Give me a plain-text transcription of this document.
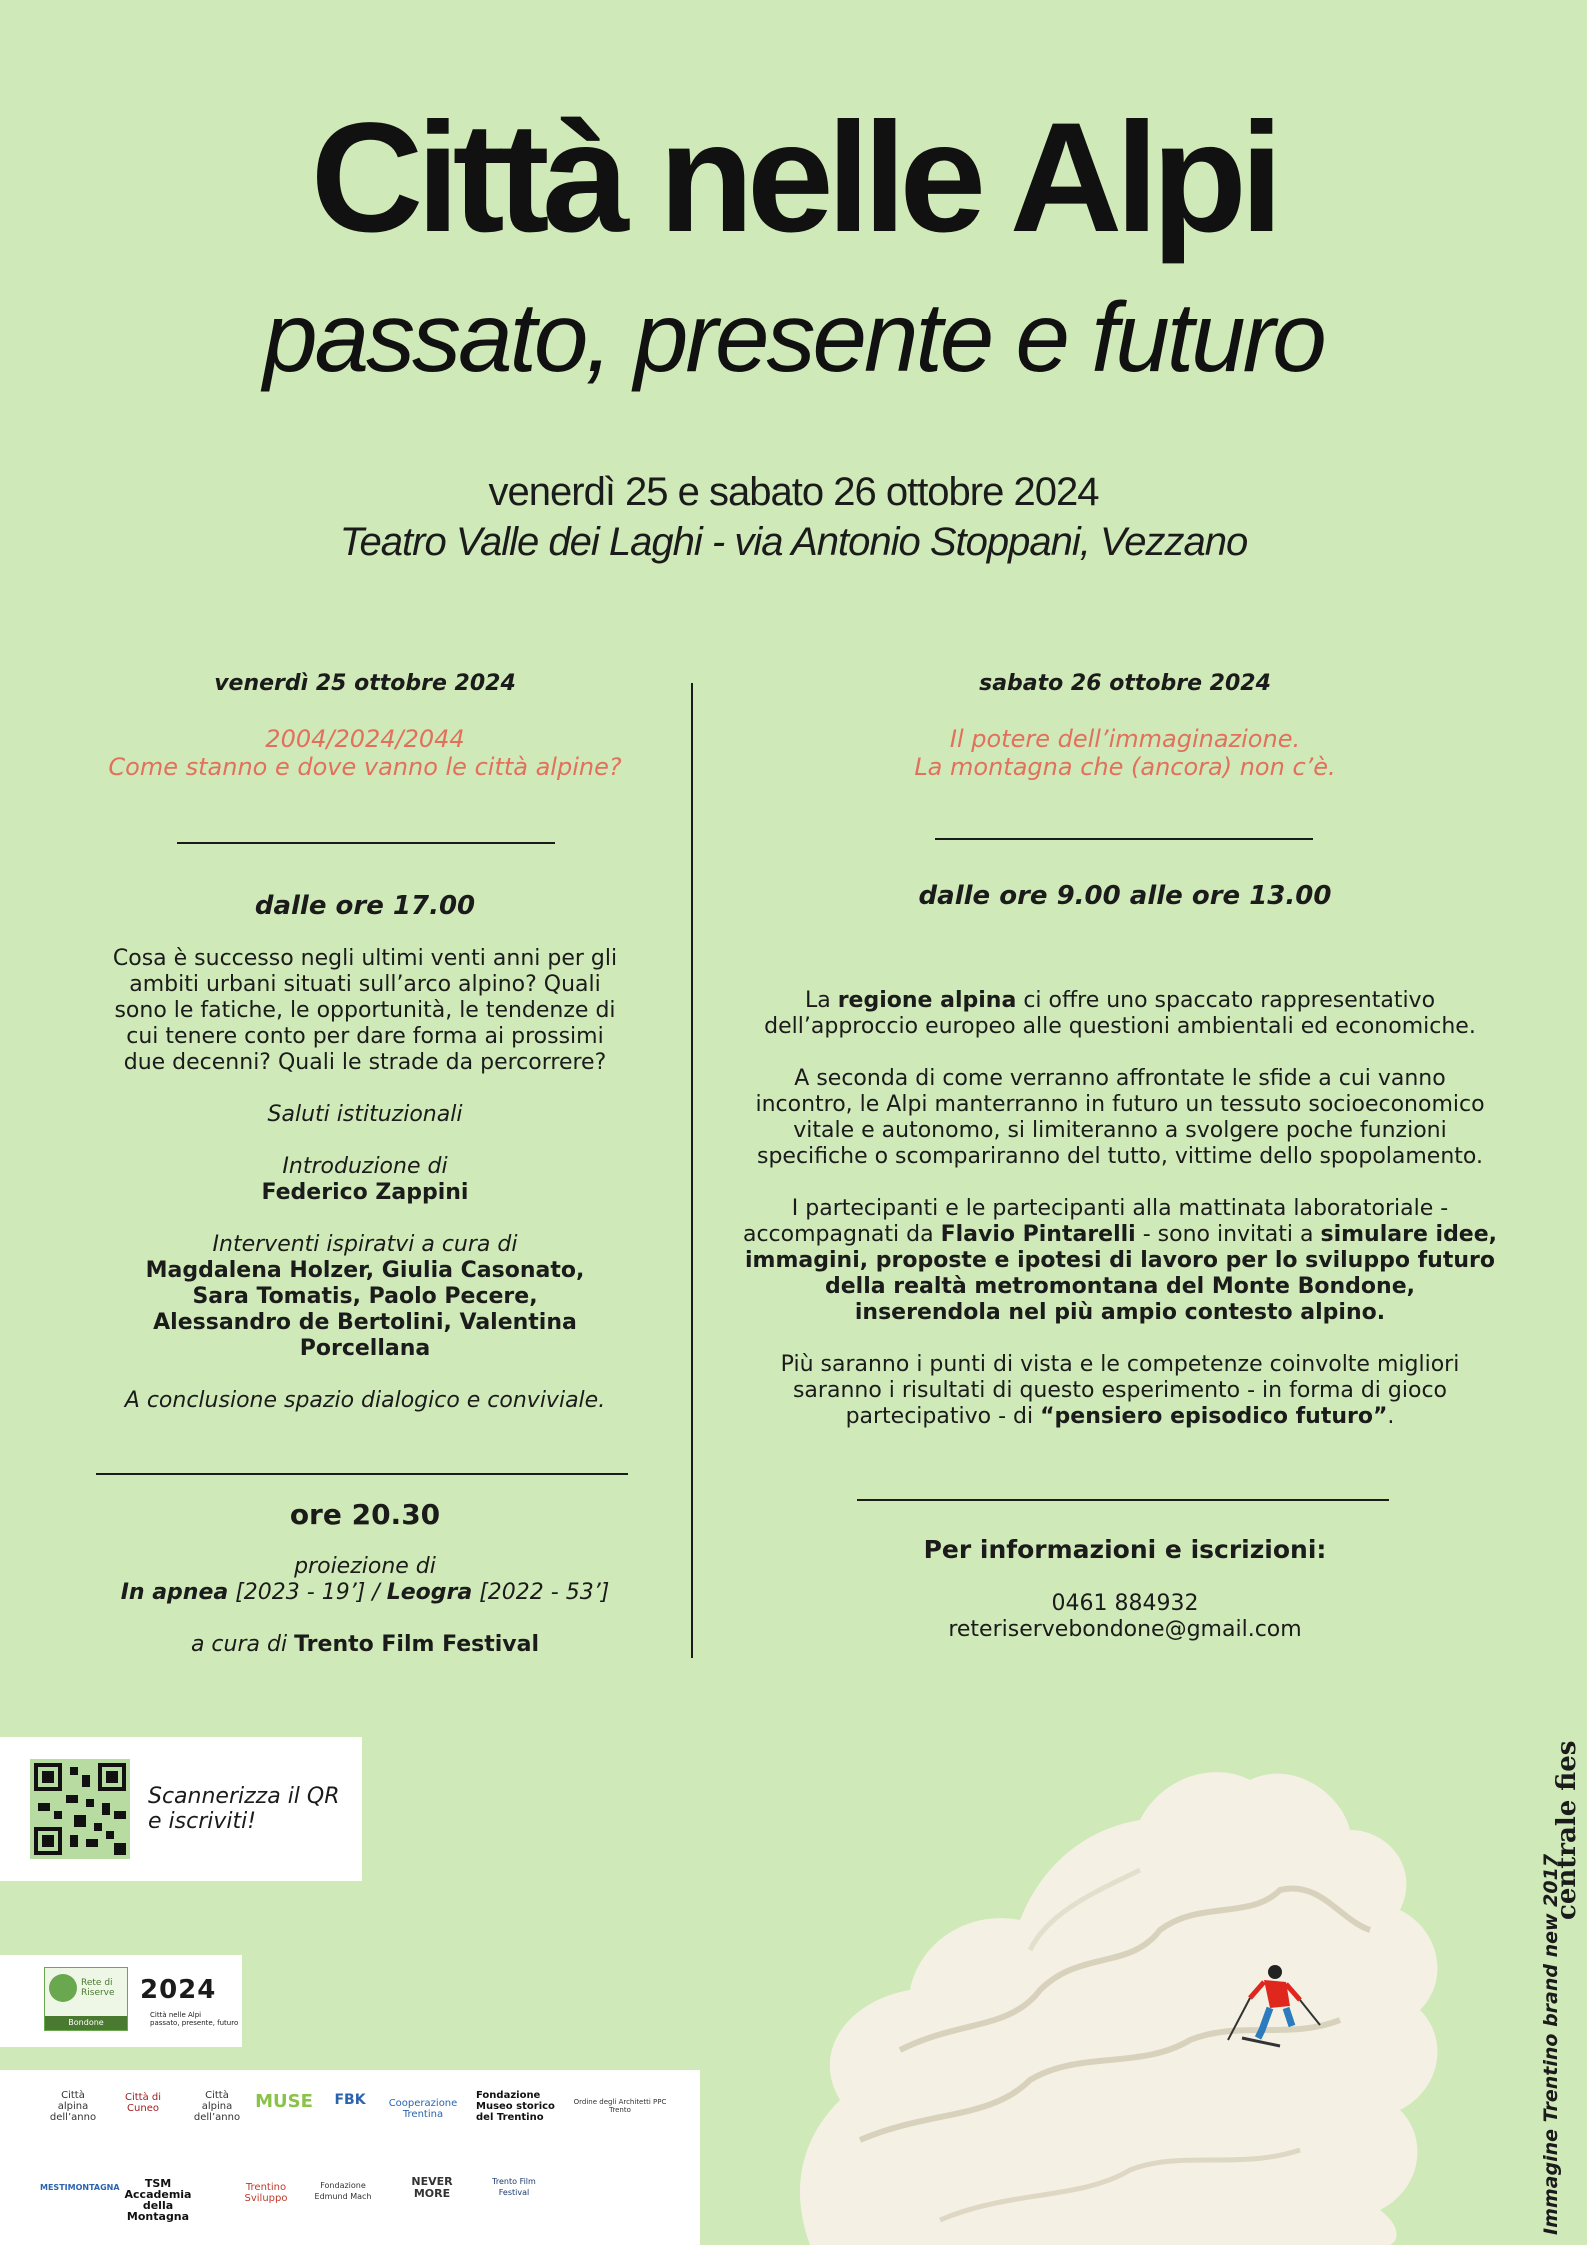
Città nelle Alpi
passato, presente e futuro
venerdì 25 e sabato 26 ottobre 2024
Teatro Valle dei Laghi - via Antonio Stoppani, Vezzano
venerdì 25 ottobre 2024
2004/2024/2044
Come stanno e dove vanno le città alpine?
dalle ore 17.00
Cosa è successo negli ultimi venti anni per gli
ambiti urbani situati sull’arco alpino? Quali
sono le fatiche, le opportunità, le tendenze di
cui tenere conto per dare forma ai prossimi
due decenni? Quali le strade da percorrere?
Saluti istituzionali
Introduzione di
Federico Zappini
Interventi ispiratvi a cura di
Magdalena Holzer, Giulia Casonato,
Sara Tomatis, Paolo Pecere,
Alessandro de Bertolini, Valentina Porcellana
A conclusione spazio dialogico e conviviale.
ore 20.30
proiezione di
In apnea [2023 - 19’] / Leogra [2022 - 53’]
a cura di Trento Film Festival
sabato 26 ottobre 2024
Il potere dell’immaginazione.
La montagna che (ancora) non c’è.
dalle ore 9.00 alle ore 13.00
La regione alpina ci offre uno spaccato rappresentativo
dell’approccio europeo alle questioni ambientali ed economiche.
A seconda di come verranno affrontate le sfide a cui vanno
incontro, le Alpi manterranno in futuro un tessuto socioeconomico
vitale e autonomo, si limiteranno a svolgere poche funzioni
specifiche o scompariranno del tutto, vittime dello spopolamento.
I partecipanti e le partecipanti alla mattinata laboratoriale -
accompagnati da Flavio Pintarelli - sono invitati a simulare idee,
immagini, proposte e ipotesi di lavoro per lo sviluppo futuro
della realtà metromontana del Monte Bondone,
inserendola nel più ampio contesto alpino.
Più saranno i punti di vista e le competenze coinvolte migliori
saranno i risultati di questo esperimento - in forma di gioco
partecipativo - di “pensiero episodico futuro”.
Per informazioni e iscrizioni:
0461 884932
reteriservebondone@gmail.com
Scannerizza il QR
e iscriviti!
Rete di Riserve
Bondone
2024
Città nelle Alpi
passato, presente, futuro
Città alpina dell’anno
Città di Cuneo
Città alpina dell’anno
MUSE	FBK	Cooperazione Trentina
Fondazione Museo storico del Trentino
Ordine degli Architetti PPC Trento
MESTIMONTAGNA	TSM Accademia della Montagna
Trentino Sviluppo
Fondazione Edmund Mach
NEVER MORE
Trento Film Festival	Immagine Trentino brand new 2017
centrale fies
